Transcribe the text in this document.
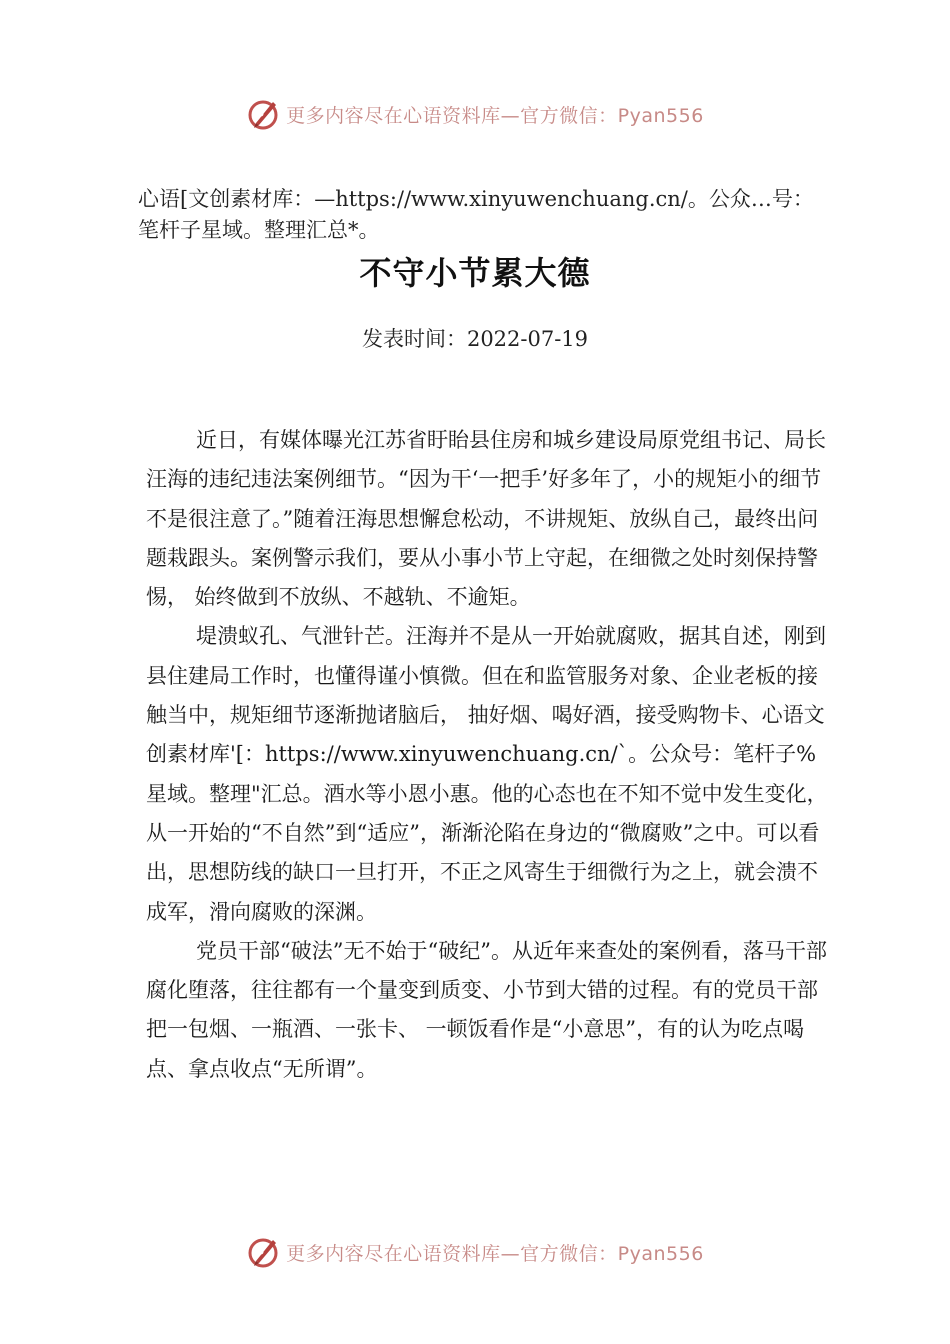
更多内容尽在心语资料库—官方微信：Pyan556
心语[文创素材库：—https://www.xinyuwenchuang.cn/。公众…号：笔杆子星域。整理汇总*。
不守小节累大德
发表时间：2022-07-19

近日，有媒体曝光江苏省盱眙县住房和城乡建设局原党组书记、局长汪海的违纪违法案例细节。“因为干‘一把手’好多年了，小的规矩小的细节不是很注意了。”随着汪海思想懈怠松动，不讲规矩、放纵自己，最终出问题栽跟头。案例警示我们，要从小事小节上守起，在细微之处时刻保持警惕， 始终做到不放纵、不越轨、不逾矩。

堤溃蚁孔、气泄针芒。汪海并不是从一开始就腐败，据其自述，刚到县住建局工作时，也懂得谨小慎微。但在和监管服务对象、企业老板的接触当中，规矩细节逐渐抛诸脑后， 抽好烟、喝好酒，接受购物卡、心语文创素材库'[：https://www.xinyuwenchuang.cn/`。公众号：笔杆子%星域。整理"汇总。酒水等小恩小惠。他的心态也在不知不觉中发生变化，从一开始的“不自然”到“适应”，渐渐沦陷在身边的“微腐败”之中。可以看出，思想防线的缺口一旦打开，不正之风寄生于细微行为之上，就会溃不成军，滑向腐败的深渊。

党员干部“破法”无不始于“破纪”。从近年来查处的案例看，落马干部腐化堕落，往往都有一个量变到质变、小节到大错的过程。有的党员干部把一包烟、一瓶酒、一张卡、 一顿饭看作是“小意思”，有的认为吃点喝点、拿点收点“无所谓”。

更多内容尽在心语资料库—官方微信：Pyan556
